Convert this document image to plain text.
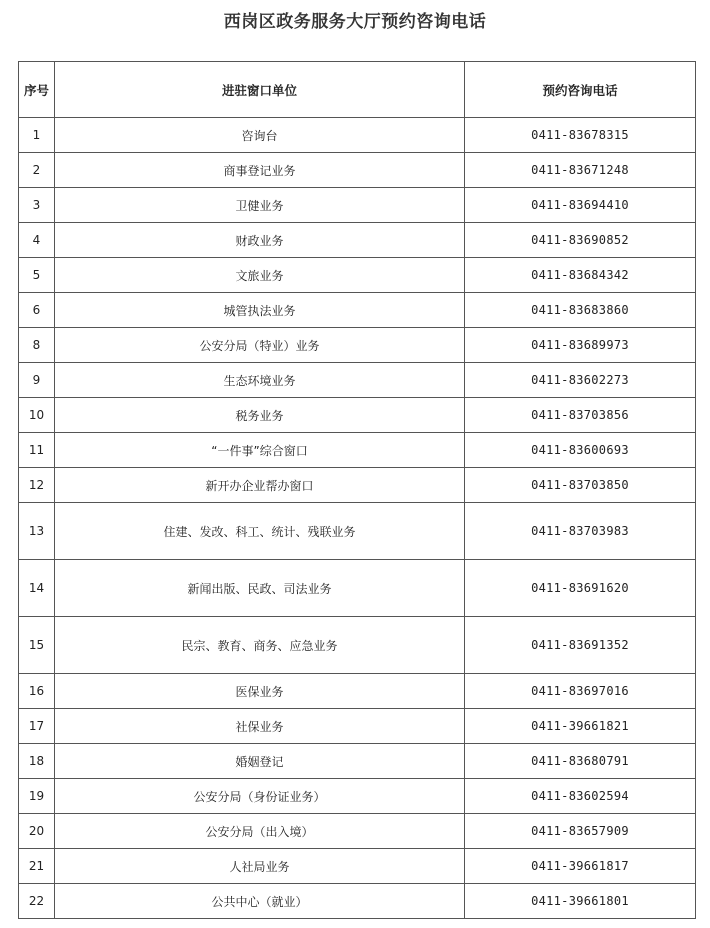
西岗区政务服务大厅预约咨询电话
序号	进驻窗口单位	预约咨询电话
1	咨询台	0411-83678315
2	商事登记业务	0411-83671248
3	卫健业务	0411-83694410
4	财政业务	0411-83690852
5	文旅业务	0411-83684342
6	城管执法业务	0411-83683860
8	公安分局（特业）业务	0411-83689973
9	生态环境业务	0411-83602273
10	税务业务	0411-83703856
11	“一件事”综合窗口	0411-83600693
12	新开办企业帮办窗口	0411-83703850
13	住建、发改、科工、统计、残联业务	0411-83703983
14	新闻出版、民政、司法业务	0411-83691620
15	民宗、教育、商务、应急业务	0411-83691352
16	医保业务	0411-83697016
17	社保业务	0411-39661821
18	婚姻登记	0411-83680791
19	公安分局（身份证业务）	0411-83602594
20	公安分局（出入境）	0411-83657909
21	人社局业务	0411-39661817
22	公共中心（就业）	0411-39661801
